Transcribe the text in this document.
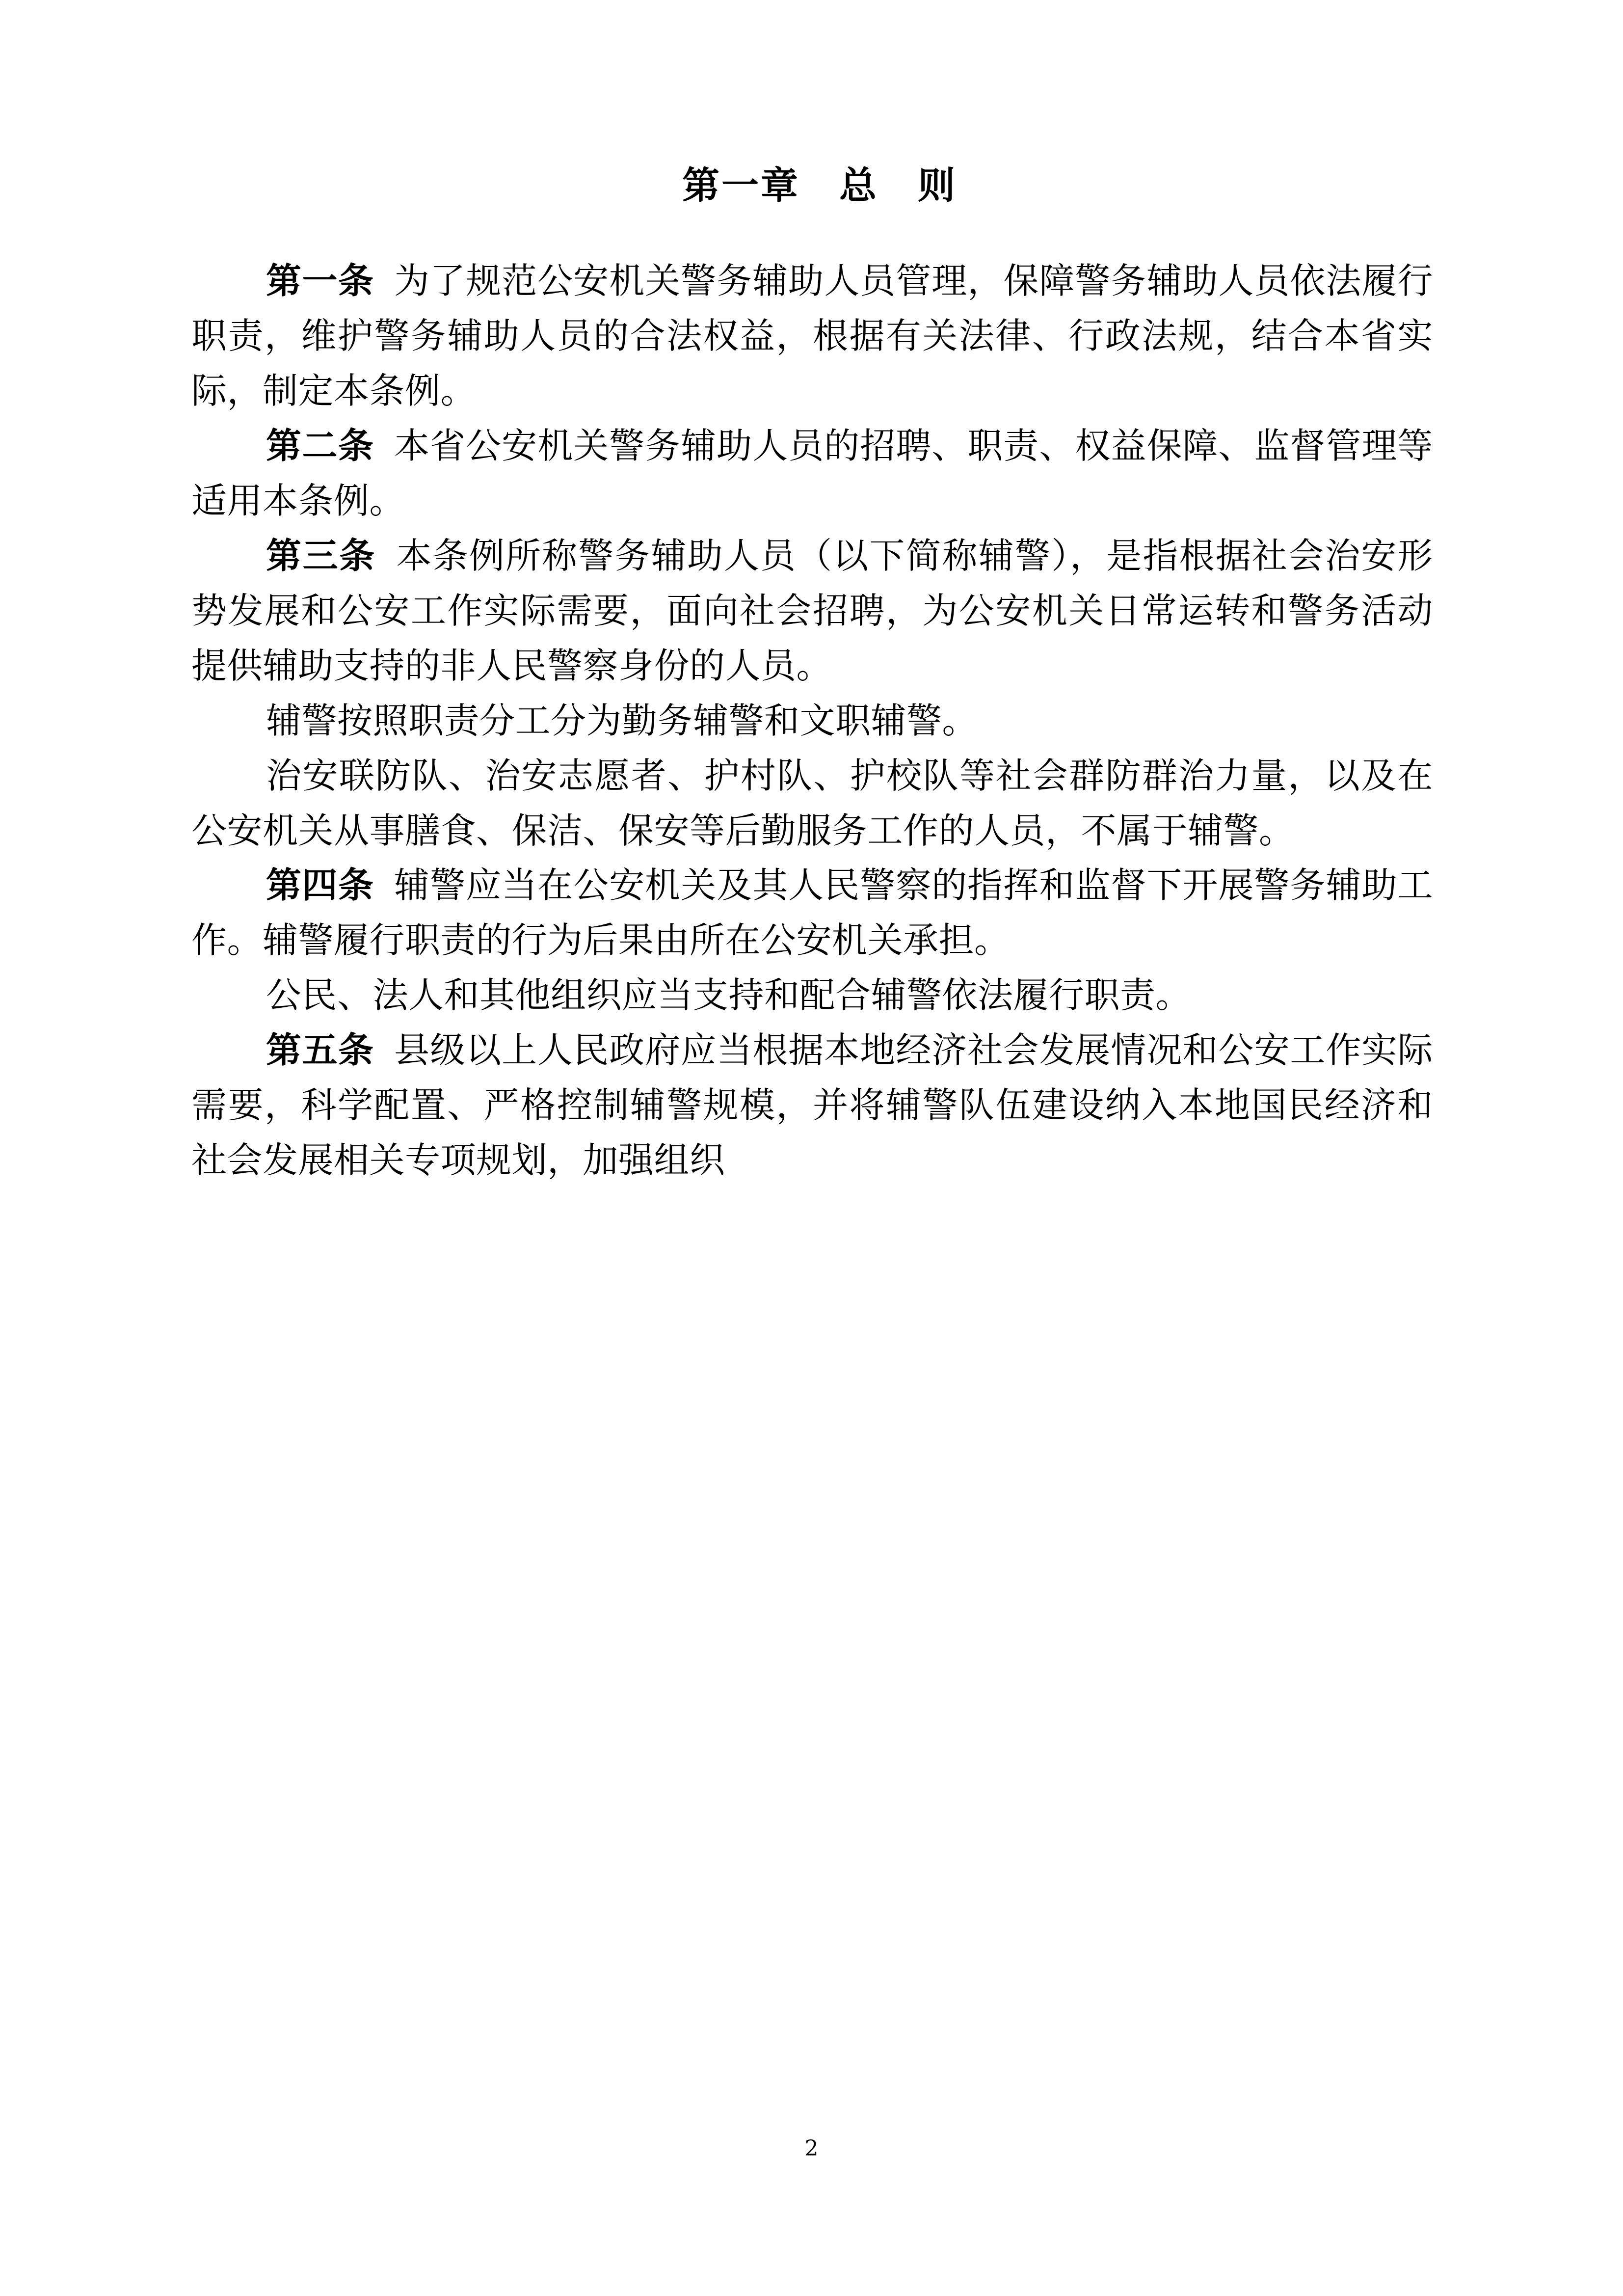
第一章　总　则

第一条 为了规范公安机关警务辅助人员管理，保障警务辅助人员依法履行职责，维护警务辅助人员的合法权益，根据有关法律、行政法规，结合本省实际，制定本条例。

第二条 本省公安机关警务辅助人员的招聘、职责、权益保障、监督管理等适用本条例。

第三条 本条例所称警务辅助人员（以下简称辅警），是指根据社会治安形势发展和公安工作实际需要，面向社会招聘，为公安机关日常运转和警务活动提供辅助支持的非人民警察身份的人员。

辅警按照职责分工分为勤务辅警和文职辅警。

治安联防队、治安志愿者、护村队、护校队等社会群防群治力量，以及在公安机关从事膳食、保洁、保安等后勤服务工作的人员，不属于辅警。

第四条 辅警应当在公安机关及其人民警察的指挥和监督下开展警务辅助工作。辅警履行职责的行为后果由所在公安机关承担。

公民、法人和其他组织应当支持和配合辅警依法履行职责。

第五条 县级以上人民政府应当根据本地经济社会发展情况和公安工作实际需要，科学配置、严格控制辅警规模，并将辅警队伍建设纳入本地国民经济和社会发展相关专项规划，加强组织

2
